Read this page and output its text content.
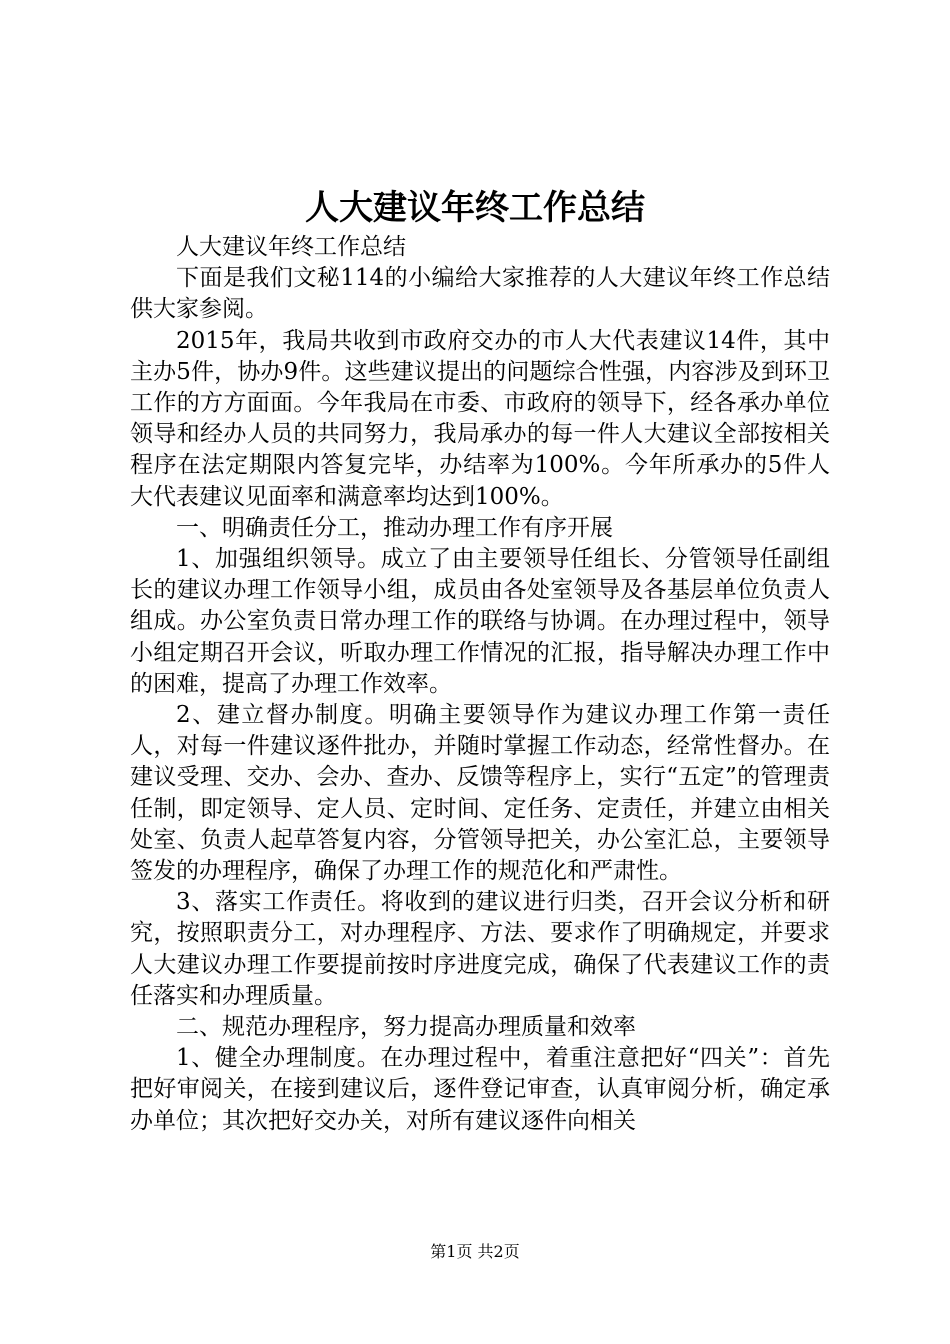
人大建议年终工作总结

人大建议年终工作总结

下面是我们文秘114的小编给大家推荐的人大建议年终工作总结供大家参阅。

2015年，我局共收到市政府交办的市人大代表建议14件，其中主办5件，协办9件。这些建议提出的问题综合性强，内容涉及到环卫工作的方方面面。今年我局在市委、市政府的领导下，经各承办单位领导和经办人员的共同努力，我局承办的每一件人大建议全部按相关程序在法定期限内答复完毕，办结率为100%。今年所承办的5件人大代表建议见面率和满意率均达到100%。

一、明确责任分工，推动办理工作有序开展

1、加强组织领导。成立了由主要领导任组长、分管领导任副组长的建议办理工作领导小组，成员由各处室领导及各基层单位负责人组成。办公室负责日常办理工作的联络与协调。在办理过程中，领导小组定期召开会议，听取办理工作情况的汇报，指导解决办理工作中的困难，提高了办理工作效率。

2、建立督办制度。明确主要领导作为建议办理工作第一责任人，对每一件建议逐件批办，并随时掌握工作动态，经常性督办。在建议受理、交办、会办、查办、反馈等程序上，实行“五定”的管理责任制，即定领导、定人员、定时间、定任务、定责任，并建立由相关处室、负责人起草答复内容，分管领导把关，办公室汇总，主要领导签发的办理程序，确保了办理工作的规范化和严肃性。

3、落实工作责任。将收到的建议进行归类，召开会议分析和研究，按照职责分工，对办理程序、方法、要求作了明确规定，并要求人大建议办理工作要提前按时序进度完成，确保了代表建议工作的责任落实和办理质量。

二、规范办理程序，努力提高办理质量和效率

1、健全办理制度。在办理过程中，着重注意把好“四关”：首先把好审阅关，在接到建议后，逐件登记审查，认真审阅分析，确定承办单位；其次把好交办关，对所有建议逐件向相关

第1页 共2页
